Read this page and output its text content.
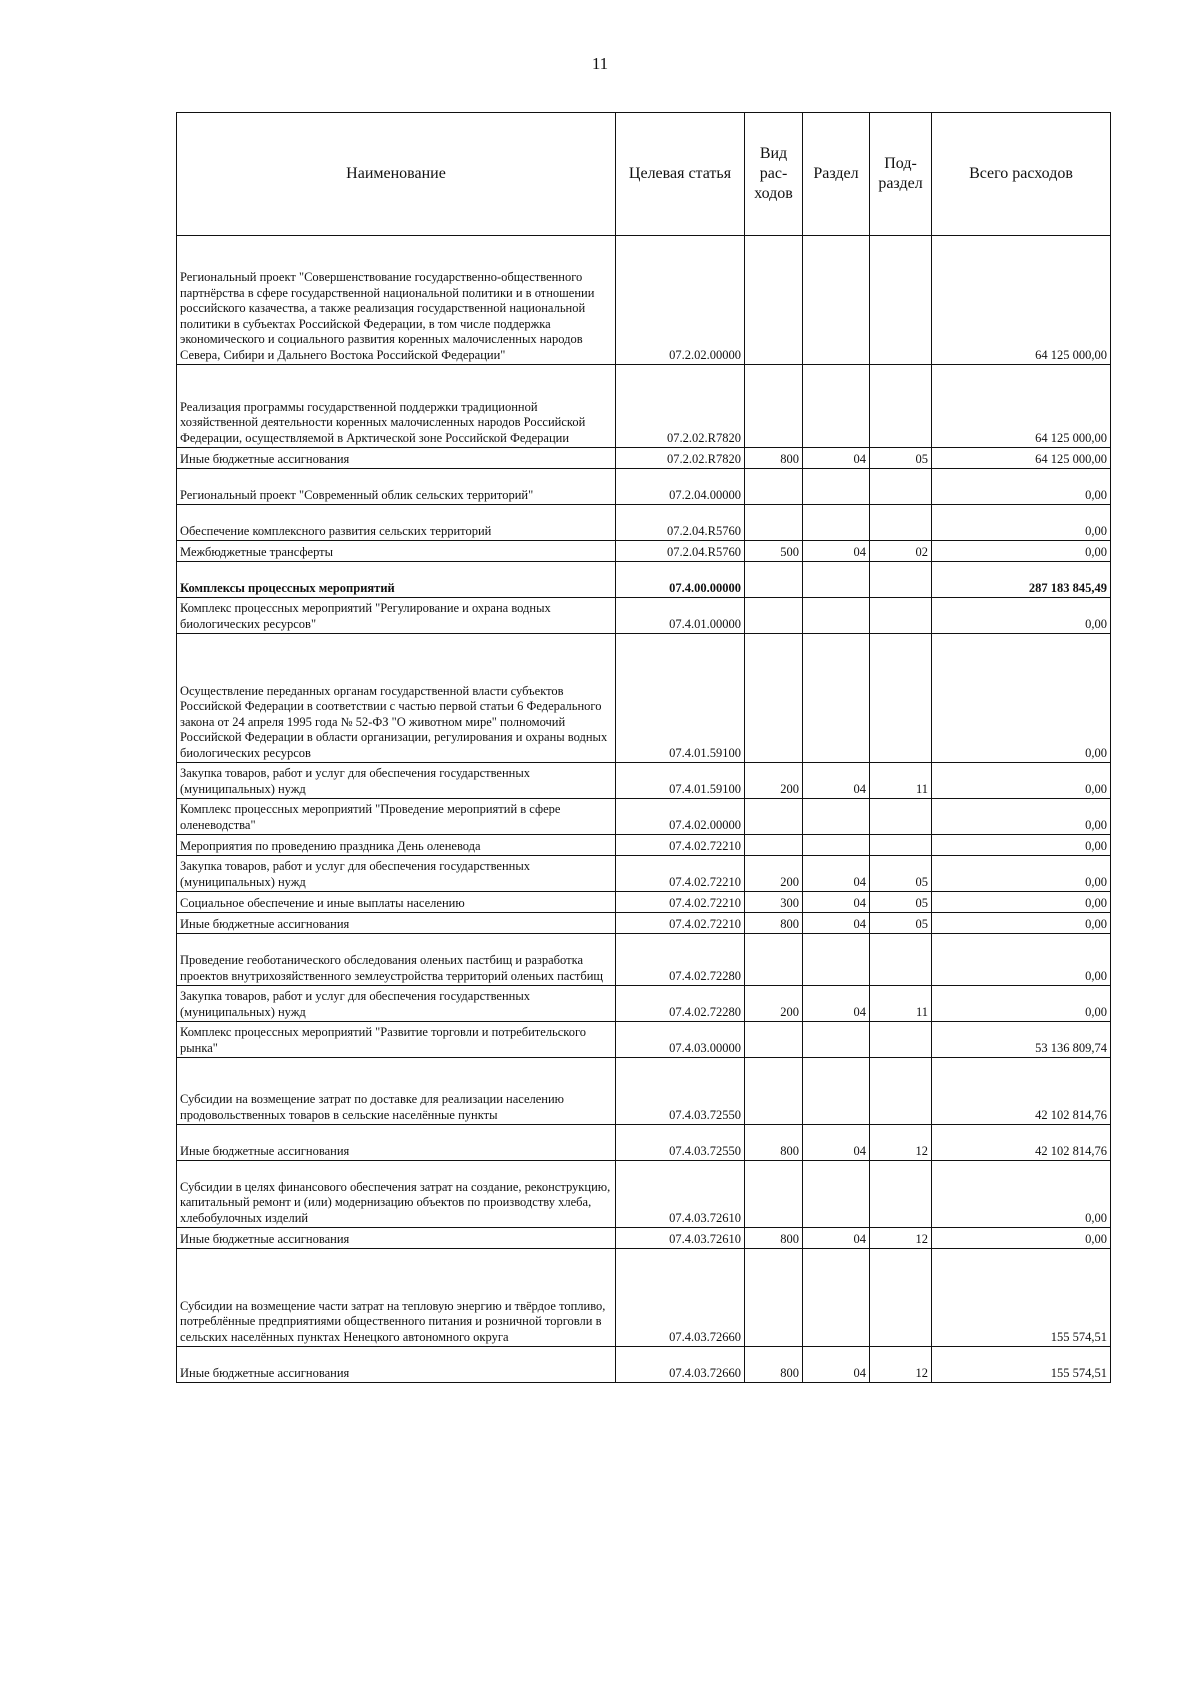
11
Наименование	Целевая статья	Вид рас-ходов	Раздел	Под-раздел	Всего расходов
Региональный проект "Совершенствование государственно-общественного партнёрства в сфере государственной национальной политики и в отношении российского казачества, а также реализация государственной национальной политики в субъектах Российской Федерации, в том числе поддержка экономического и социального развития коренных малочисленных народов Севера, Сибири и Дальнего Востока Российской Федерации"	07.2.02.00000				64 125 000,00
Реализация программы государственной поддержки традиционной хозяйственной деятельности коренных малочисленных народов Российской Федерации, осуществляемой в Арктической зоне Российской Федерации	07.2.02.R7820				64 125 000,00
Иные бюджетные ассигнования	07.2.02.R7820	800	04	05	64 125 000,00
Региональный проект "Современный облик сельских территорий"	07.2.04.00000				0,00
Обеспечение комплексного развития сельских территорий	07.2.04.R5760				0,00
Межбюджетные трансферты	07.2.04.R5760	500	04	02	0,00
Комплексы процессных мероприятий	07.4.00.00000				287 183 845,49
Комплекс процессных мероприятий "Регулирование и охрана водных биологических ресурсов"	07.4.01.00000				0,00
Осуществление переданных органам государственной власти субъектов Российской Федерации в соответствии с частью первой статьи 6 Федерального закона от 24 апреля 1995 года № 52-ФЗ "О животном мире" полномочий Российской Федерации в области организации, регулирования и охраны водных биологических ресурсов	07.4.01.59100				0,00
Закупка товаров, работ и услуг для обеспечения государственных (муниципальных) нужд	07.4.01.59100	200	04	11	0,00
Комплекс процессных мероприятий "Проведение мероприятий в сфере оленеводства"	07.4.02.00000				0,00
Мероприятия по проведению праздника День оленевода	07.4.02.72210				0,00
Закупка товаров, работ и услуг для обеспечения государственных (муниципальных) нужд	07.4.02.72210	200	04	05	0,00
Социальное обеспечение и иные выплаты населению	07.4.02.72210	300	04	05	0,00
Иные бюджетные ассигнования	07.4.02.72210	800	04	05	0,00
Проведение геоботанического обследования оленьих пастбищ и разработка проектов внутрихозяйственного землеустройства территорий оленьих пастбищ	07.4.02.72280				0,00
Закупка товаров, работ и услуг для обеспечения государственных (муниципальных) нужд	07.4.02.72280	200	04	11	0,00
Комплекс процессных мероприятий "Развитие торговли и потребительского рынка"	07.4.03.00000				53 136 809,74
Субсидии на возмещение затрат по доставке для реализации населению продовольственных товаров в сельские населённые пункты	07.4.03.72550				42 102 814,76
Иные бюджетные ассигнования	07.4.03.72550	800	04	12	42 102 814,76
Субсидии в целях финансового обеспечения затрат на создание, реконструкцию, капитальный ремонт и (или) модернизацию объектов по производству хлеба, хлебобулочных изделий	07.4.03.72610				0,00
Иные бюджетные ассигнования	07.4.03.72610	800	04	12	0,00
Субсидии на возмещение части затрат на тепловую энергию и твёрдое топливо, потреблённые предприятиями общественного питания и розничной торговли в сельских населённых пунктах Ненецкого автономного округа	07.4.03.72660				155 574,51
Иные бюджетные ассигнования	07.4.03.72660	800	04	12	155 574,51
